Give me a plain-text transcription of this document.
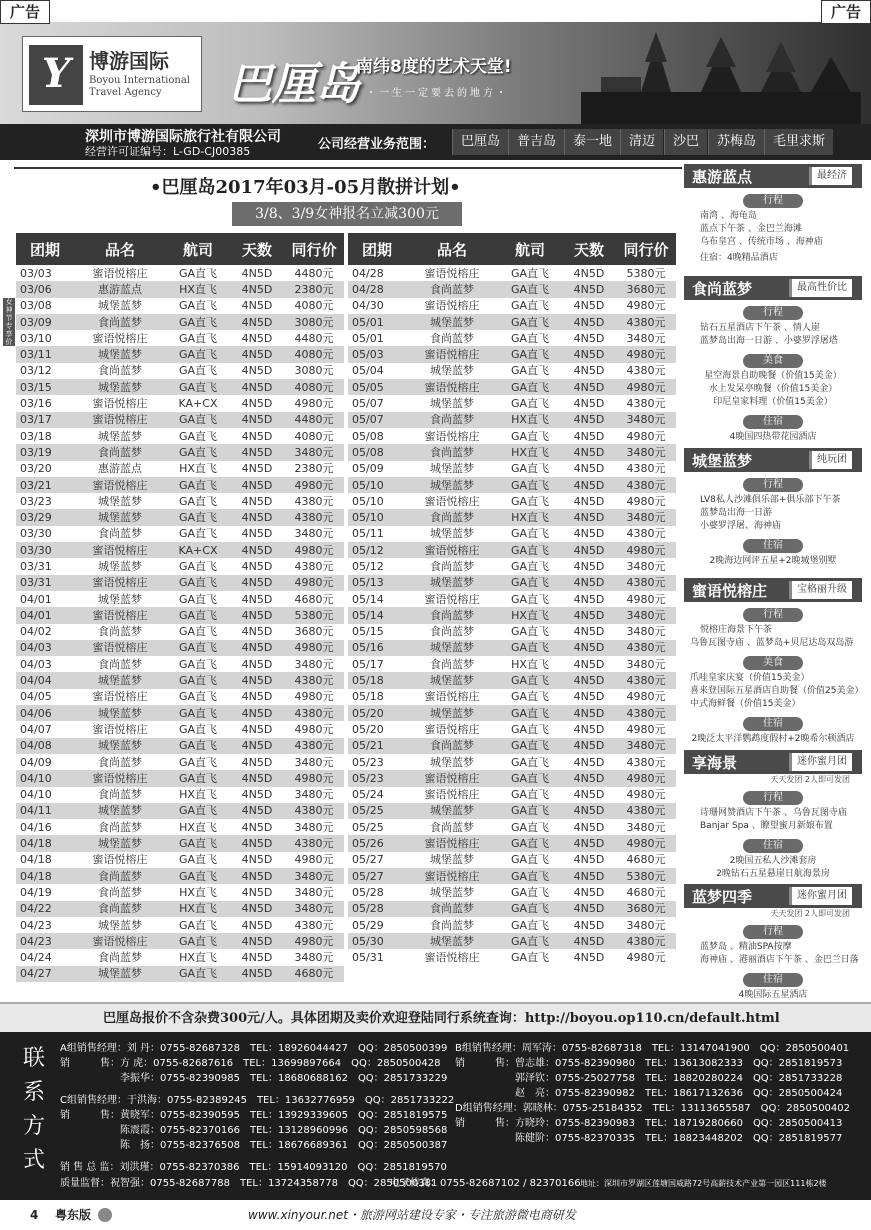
广告	广告
Y 博游国际
Boyou International
Travel Agency	巴厘岛
南纬8度的艺术天堂!
・一生一定要去的地方・
深圳市博游国际旅行社有限公司
经营许可证编号：L-GD-CJ00385	公司经营业务范围：	巴厘岛	普吉岛	泰一地	清迈	沙巴	苏梅岛	毛里求斯
•巴厘岛2017年03月-05月散拼计划•
3/8、3/9女神报名立减300元
女神节专享价
团期	品名	航司	天数	同行价
03/03	蜜语悦榕庄	GA直飞	4N5D	4480元
03/06	惠游蓝点	HX直飞	4N5D	2380元
03/08	城堡蓝梦	GA直飞	4N5D	4080元
03/09	食尚蓝梦	GA直飞	4N5D	3080元
03/10	蜜语悦榕庄	GA直飞	4N5D	4480元
03/11	城堡蓝梦	GA直飞	4N5D	4080元
03/12	食尚蓝梦	GA直飞	4N5D	3080元
03/15	城堡蓝梦	GA直飞	4N5D	4080元
03/16	蜜语悦榕庄	KA+CX	4N5D	4980元
03/17	蜜语悦榕庄	GA直飞	4N5D	4480元
03/18	城堡蓝梦	GA直飞	4N5D	4080元
03/19	食尚蓝梦	GA直飞	4N5D	3480元
03/20	惠游蓝点	HX直飞	4N5D	2380元
03/21	蜜语悦榕庄	GA直飞	4N5D	4980元
03/23	城堡蓝梦	GA直飞	4N5D	4380元
03/29	城堡蓝梦	GA直飞	4N5D	4380元
03/30	食尚蓝梦	GA直飞	4N5D	3480元
03/30	蜜语悦榕庄	KA+CX	4N5D	4980元
03/31	城堡蓝梦	GA直飞	4N5D	4380元
03/31	蜜语悦榕庄	GA直飞	4N5D	4980元
04/01	城堡蓝梦	GA直飞	4N5D	4680元
04/01	蜜语悦榕庄	GA直飞	4N5D	5380元
04/02	食尚蓝梦	GA直飞	4N5D	3680元
04/03	蜜语悦榕庄	GA直飞	4N5D	4980元
04/03	食尚蓝梦	GA直飞	4N5D	3480元
04/04	城堡蓝梦	GA直飞	4N5D	4380元
04/05	蜜语悦榕庄	GA直飞	4N5D	4980元
04/06	城堡蓝梦	GA直飞	4N5D	4380元
04/07	蜜语悦榕庄	GA直飞	4N5D	4980元
04/08	城堡蓝梦	GA直飞	4N5D	4380元
04/09	食尚蓝梦	GA直飞	4N5D	3480元
04/10	蜜语悦榕庄	GA直飞	4N5D	4980元
04/10	食尚蓝梦	HX直飞	4N5D	3480元
04/11	城堡蓝梦	GA直飞	4N5D	4380元
04/16	食尚蓝梦	HX直飞	4N5D	3480元
04/18	城堡蓝梦	GA直飞	4N5D	4380元
04/18	蜜语悦榕庄	GA直飞	4N5D	4980元
04/18	食尚蓝梦	GA直飞	4N5D	3480元
04/19	食尚蓝梦	HX直飞	4N5D	3480元
04/22	食尚蓝梦	HX直飞	4N5D	3480元
04/23	城堡蓝梦	GA直飞	4N5D	4380元
04/23	蜜语悦榕庄	GA直飞	4N5D	4980元
04/24	食尚蓝梦	HX直飞	4N5D	3480元
04/27	城堡蓝梦	GA直飞	4N5D	4680元
团期	品名	航司	天数	同行价
04/28	蜜语悦榕庄	GA直飞	4N5D	5380元
04/28	食尚蓝梦	GA直飞	4N5D	3680元
04/30	蜜语悦榕庄	GA直飞	4N5D	4980元
05/01	城堡蓝梦	GA直飞	4N5D	4380元
05/01	食尚蓝梦	GA直飞	4N5D	3480元
05/03	蜜语悦榕庄	GA直飞	4N5D	4980元
05/04	城堡蓝梦	GA直飞	4N5D	4380元
05/05	蜜语悦榕庄	GA直飞	4N5D	4980元
05/07	城堡蓝梦	GA直飞	4N5D	4380元
05/07	食尚蓝梦	HX直飞	4N5D	3480元
05/08	蜜语悦榕庄	GA直飞	4N5D	4980元
05/08	食尚蓝梦	HX直飞	4N5D	3480元
05/09	城堡蓝梦	GA直飞	4N5D	4380元
05/10	城堡蓝梦	GA直飞	4N5D	4380元
05/10	蜜语悦榕庄	GA直飞	4N5D	4980元
05/10	食尚蓝梦	HX直飞	4N5D	3480元
05/11	城堡蓝梦	GA直飞	4N5D	4380元
05/12	蜜语悦榕庄	GA直飞	4N5D	4980元
05/12	食尚蓝梦	GA直飞	4N5D	3480元
05/13	城堡蓝梦	GA直飞	4N5D	4380元
05/14	蜜语悦榕庄	GA直飞	4N5D	4980元
05/14	食尚蓝梦	HX直飞	4N5D	3480元
05/15	食尚蓝梦	GA直飞	4N5D	3480元
05/16	城堡蓝梦	GA直飞	4N5D	4380元
05/17	食尚蓝梦	HX直飞	4N5D	3480元
05/18	城堡蓝梦	GA直飞	4N5D	4380元
05/18	蜜语悦榕庄	GA直飞	4N5D	4980元
05/20	城堡蓝梦	GA直飞	4N5D	4380元
05/20	蜜语悦榕庄	GA直飞	4N5D	4980元
05/21	食尚蓝梦	GA直飞	4N5D	3480元
05/23	城堡蓝梦	GA直飞	4N5D	4380元
05/23	蜜语悦榕庄	GA直飞	4N5D	4980元
05/24	蜜语悦榕庄	GA直飞	4N5D	4980元
05/25	城堡蓝梦	GA直飞	4N5D	4380元
05/25	食尚蓝梦	GA直飞	4N5D	3480元
05/26	蜜语悦榕庄	GA直飞	4N5D	4980元
05/27	城堡蓝梦	GA直飞	4N5D	4680元
05/27	蜜语悦榕庄	GA直飞	4N5D	5380元
05/28	城堡蓝梦	GA直飞	4N5D	4680元
05/28	食尚蓝梦	GA直飞	4N5D	3680元
05/29	食尚蓝梦	GA直飞	4N5D	3480元
05/30	城堡蓝梦	GA直飞	4N5D	4380元
05/31	蜜语悦榕庄	GA直飞	4N5D	4980元
惠游蓝点	最经济
行程
南湾 、海龟岛
蓝点下午茶 、金巴兰海滩
乌布皇宫 、传统市场 、海神庙
住宿：4晚精品酒店
食尚蓝梦	最高性价比
行程
钻石五星酒店下午茶 、情人崖
蓝梦岛出海一日游 、小婆罗浮屠塔
美食
星空海景自助晚餐（价值15美金）
水上发呆亭晚餐（价值15美金）
印尼皇家料理（价值15美金）
住宿
4晚国四热带花园酒店
城堡蓝梦	纯玩团
行程
LV8私人沙滩俱乐部+俱乐部下午茶
蓝梦岛出海一日游
小婆罗浮屠、海神庙
住宿
2晚海边网评五星+2晚城堡别墅
蜜语悦榕庄	宝格丽升级
行程
悦榕庄海景下午茶
乌鲁瓦图寺庙 、蓝梦岛+贝尼达岛双岛游
美食
爪哇皇家庆宴（价值15美金）
喜来登国际五星酒店自助餐（价值25美金）
中式海鲜餐（价值15美金）
住宿
2晚泛太平洋鹦鹉度假村+2晚希尔顿酒店
享海景	迷你蜜月团
天天发团 2人即可发团
行程
诗珊网赞酒店下午茶 、乌鲁瓦图寺庙
Banjar Spa 、瞭望蜜月新娘布置
住宿
2晚国五私人沙滩套房
2晚钻石五星悬崖日航海景房
蓝梦四季	迷你蜜月团
天天发团 2人即可发团
行程
蓝梦岛 、精油SPA按摩
海神庙 、港丽酒店下午茶 、金巴兰日落
住宿
4晚国际五星酒店
巴厘岛报价不含杂费300元/人。具体团期及卖价欢迎登陆同行系统查询：http://boyou.op110.cn/default.html
联
系
方
式
A组销售经理：刘 丹：0755-82687328　TEL：18926044427　QQ：2850500399
销　　　售：方 虎：0755-82687616　TEL：13699897664　QQ：2850500428
李振华：0755-82390985　TEL：18680688162　QQ：2851733229
C组销售经理：于洪海：0755-82389245　TEL：13632776959　QQ：2851733222
销　　　售：黄晓军：0755-82390595　TEL：13929339605　QQ：2851819575
陈震霞：0755-82370166　TEL：13128960996　QQ：2850598568
陈　扬：0755-82376508　TEL：18676689361　QQ：2850500387
销 售 总 监：刘洪瑾：0755-82370386　TEL：15914093120　QQ：2851819570
质量监督：祝智强：0755-82687788　TEL：13724358778　QQ：2850500381
B组销售经理：周军涛：0755-82687318　TEL：13147041900　QQ：2850500401
销　　　售：曾志雄：0755-82390980　TEL：13613082333　QQ：2851819573
郭泽钦：0755-25027758　TEL：18820280224　QQ：2851733228
赵　亮：0755-82390982　TEL：18617132636　QQ：2850500424
D组销售经理：郭晓林：0755-25184352　TEL：13113655587　QQ：2850500402
销　　　售：方晓玲：0755-82390983　TEL：18719280660　QQ：2850500413
陈健阶：0755-82370335　TEL：18823448202　QQ：2851819577
电子传真：0755-82687102 / 82370166 地址：深圳市罗湖区莲塘国威路72号高薪技术产业第一园区111栋2楼
4 粤东版	www.xinyour.net・旅游网站建设专家・专注旅游微电商研发
